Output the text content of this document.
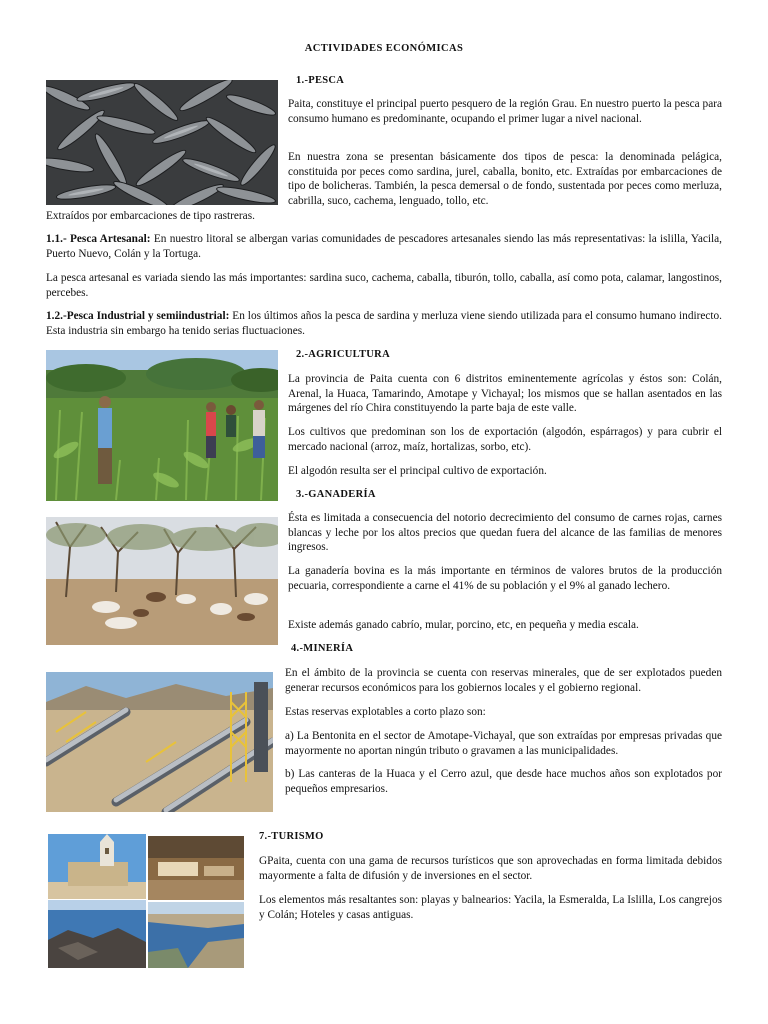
ACTIVIDADES ECONÓMICAS
1.-PESCA

Paita, constituye el principal puerto pesquero de la región Grau. En nuestro puerto la pesca para consumo humano es predominante, ocupando el primer lugar a nivel nacional.

En nuestra zona se presentan básicamente dos tipos de pesca: la denominada pelágica, constituida por peces como sardina, jurel, caballa, bonito, etc. Extraídas por embarcaciones de tipo de bolicheras. También, la pesca demersal o de fondo, sustentada por peces como merluza, cabrilla, suco, cachema, lenguado, tollo, etc.

Extraídos por embarcaciones de tipo rastreras.

1.1.- Pesca Artesanal: En nuestro litoral se albergan varias comunidades de pescadores artesanales siendo las más representativas: la islilla, Yacila, Puerto Nuevo, Colán y la Tortuga.

La pesca artesanal es variada siendo las más importantes: sardina suco, cachema, caballa, tiburón, tollo, caballa, así como pota, calamar, langostinos, percebes.

1.2.-Pesca Industrial y semiindustrial: En los últimos años la pesca de sardina y merluza viene siendo utilizada para el consumo humano indirecto. Esta industria sin embargo ha tenido serias fluctuaciones.

2.-AGRICULTURA

La provincia de Paita cuenta con 6 distritos eminentemente agrícolas y éstos son: Colán, Arenal, la Huaca, Tamarindo, Amotape y Vichayal; los mismos que se hallan asentados en las márgenes del río Chira constituyendo la parte baja de este valle.

Los cultivos que predominan son los de exportación (algodón, espárragos) y para cubrir el mercado nacional (arroz, maíz, hortalizas, sorbo, etc).

El algodón resulta ser el principal cultivo de exportación.

3.-GANADERÍA

Ésta es limitada a consecuencia del notorio decrecimiento del consumo de carnes rojas, carnes blancas y leche por los altos precios que quedan fuera del alcance de las familias de menores ingresos.

La ganadería bovina es la más importante en términos de valores brutos de la producción pecuaria, correspondiente a carne el 41% de su población y el 9% al ganado lechero.

Existe además ganado cabrío, mular, porcino, etc, en pequeña y media escala.

4.-MINERÍA

En el ámbito de la provincia se cuenta con reservas minerales, que de ser explotados pueden generar recursos económicos para los gobiernos locales y el gobierno regional.

Estas reservas explotables a corto plazo son:

a) La Bentonita en el sector de Amotape-Vichayal, que son extraídas por empresas privadas que mayormente no aportan ningún tributo o gravamen a las municipalidades.

b) Las canteras de la Huaca y el Cerro azul, que desde hace muchos años son explotados por pequeños empresarios.

7.-TURISMO

GPaita, cuenta con una gama de recursos turísticos que son aprovechadas en forma limitada debidos mayormente a falta de difusión y de inversiones en el sector.

Los elementos más resaltantes son: playas y balnearios: Yacila, la Esmeralda, La Islilla, Los cangrejos y Colán; Hoteles y casas antiguas.
